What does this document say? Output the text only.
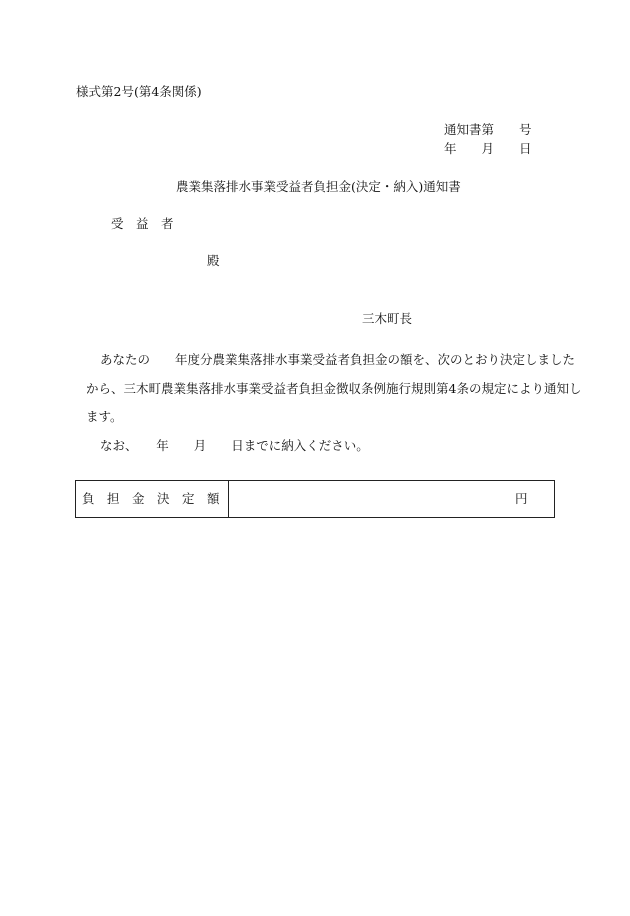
様式第2号(第4条関係)
通知書第　　号
年　　月　　日
農業集落排水事業受益者負担金(決定・納入)通知書
受　益　者
殿
三木町長
あなたの　　年度分農業集落排水事業受益者負担金の額を、次のとおり決定しました
から、三木町農業集落排水事業受益者負担金徴収条例施行規則第4条の規定により通知し
ます。
なお、　　年　　月　　日までに納入ください。
負　担　金　決　定　額	円
